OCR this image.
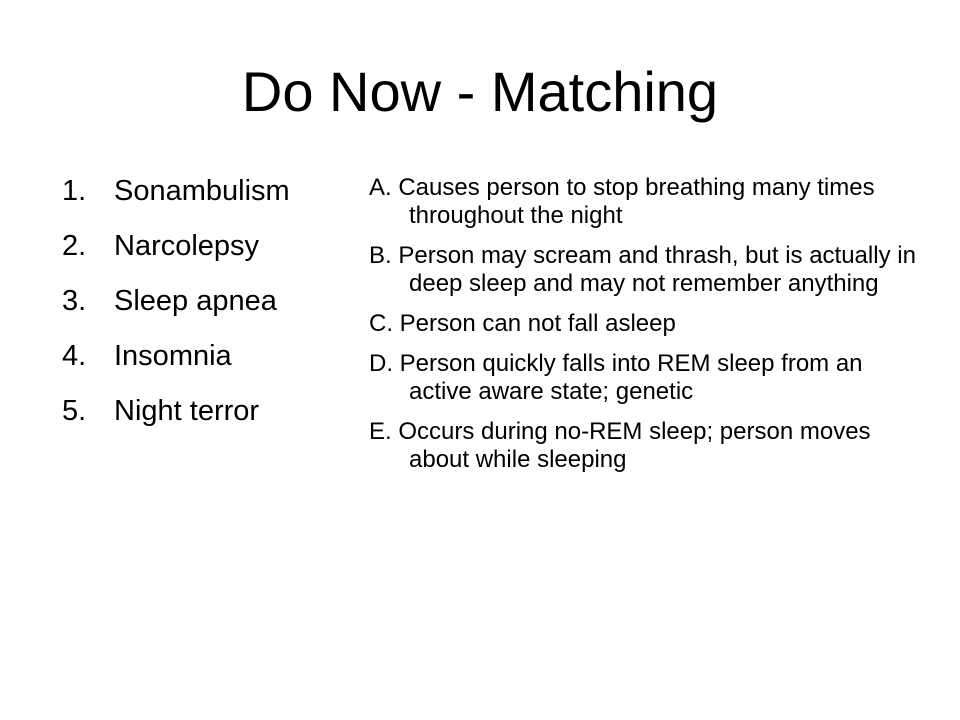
Do Now - Matching
1. Sonambulism
2. Narcolepsy
3. Sleep apnea
4. Insomnia
5. Night terror
A. Causes person to stop breathing many times throughout the night
B. Person may scream and thrash, but is actually in deep sleep and may not remember anything
C. Person can not fall asleep
D. Person quickly falls into REM sleep from an active aware state; genetic
E. Occurs during no-REM sleep; person moves about while sleeping
